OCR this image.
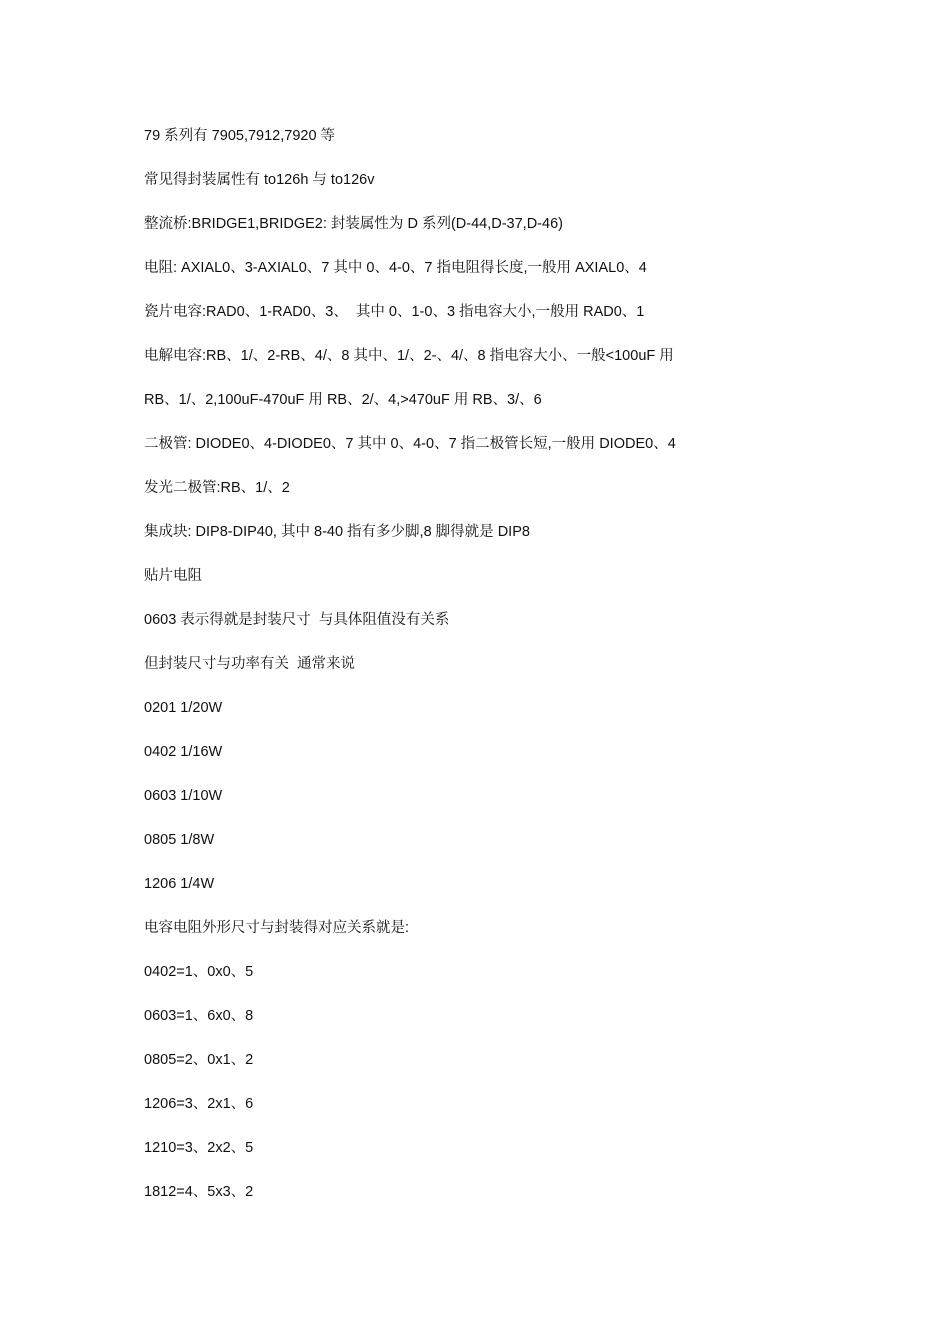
79 系列有 7905,7912,7920 等
常见得封装属性有 to126h 与 to126v
整流桥:BRIDGE1,BRIDGE2: 封装属性为 D 系列(D-44,D-37,D-46)
电阻: AXIAL0、3-AXIAL0、7 其中 0、4-0、7 指电阻得长度,一般用 AXIAL0、4
瓷片电容:RAD0、1-RAD0、3、  其中 0、1-0、3 指电容大小,一般用 RAD0、1
电解电容:RB、1/、2-RB、4/、8 其中、1/、2-、4/、8 指电容大小、一般<100uF 用
RB、1/、2,100uF-470uF 用 RB、2/、4,>470uF 用 RB、3/、6
二极管: DIODE0、4-DIODE0、7 其中 0、4-0、7 指二极管长短,一般用 DIODE0、4
发光二极管:RB、1/、2
集成块: DIP8-DIP40, 其中 8-40 指有多少脚,8 脚得就是 DIP8
贴片电阻
0603 表示得就是封装尺寸  与具体阻值没有关系
但封装尺寸与功率有关  通常来说
0201 1/20W
0402 1/16W
0603 1/10W
0805 1/8W
1206 1/4W
电容电阻外形尺寸与封装得对应关系就是:
0402=1、0x0、5
0603=1、6x0、8
0805=2、0x1、2
1206=3、2x1、6
1210=3、2x2、5
1812=4、5x3、2
